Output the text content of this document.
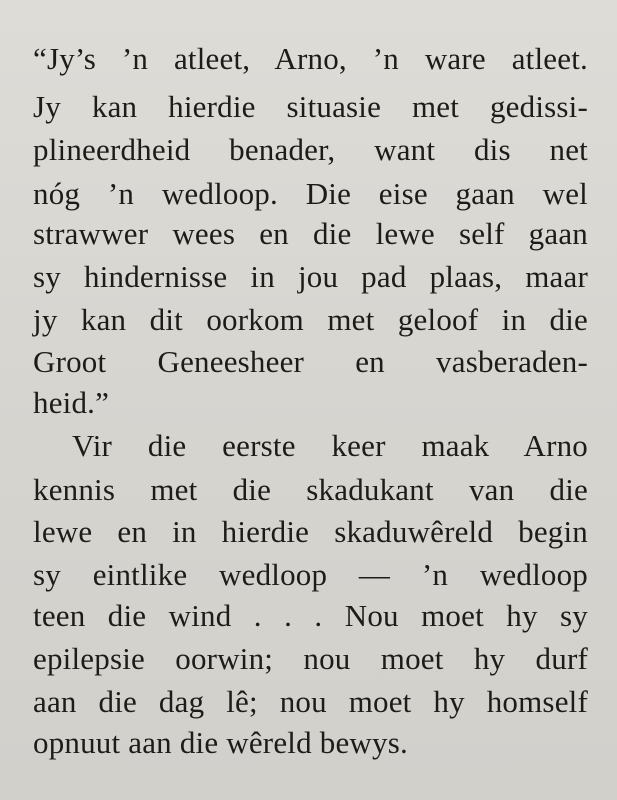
“Jy’s ’n atleet, Arno, ’n ware atleet.
Jy kan hierdie situasie met gedissi-
plineerdheid benader, want dis net
nóg ’n wedloop. Die eise gaan wel
strawwer wees en die lewe self gaan
sy hindernisse in jou pad plaas, maar
jy kan dit oorkom met geloof in die
Groot Geneesheer en vasberaden-
heid.”
Vir die eerste keer maak Arno
kennis met die skadukant van die
lewe en in hierdie skaduwêreld begin
sy eintlike wedloop — ’n wedloop
teen die wind . . . Nou moet hy sy
epilepsie oorwin; nou moet hy durf
aan die dag lê; nou moet hy homself
opnuut aan die wêreld bewys.
